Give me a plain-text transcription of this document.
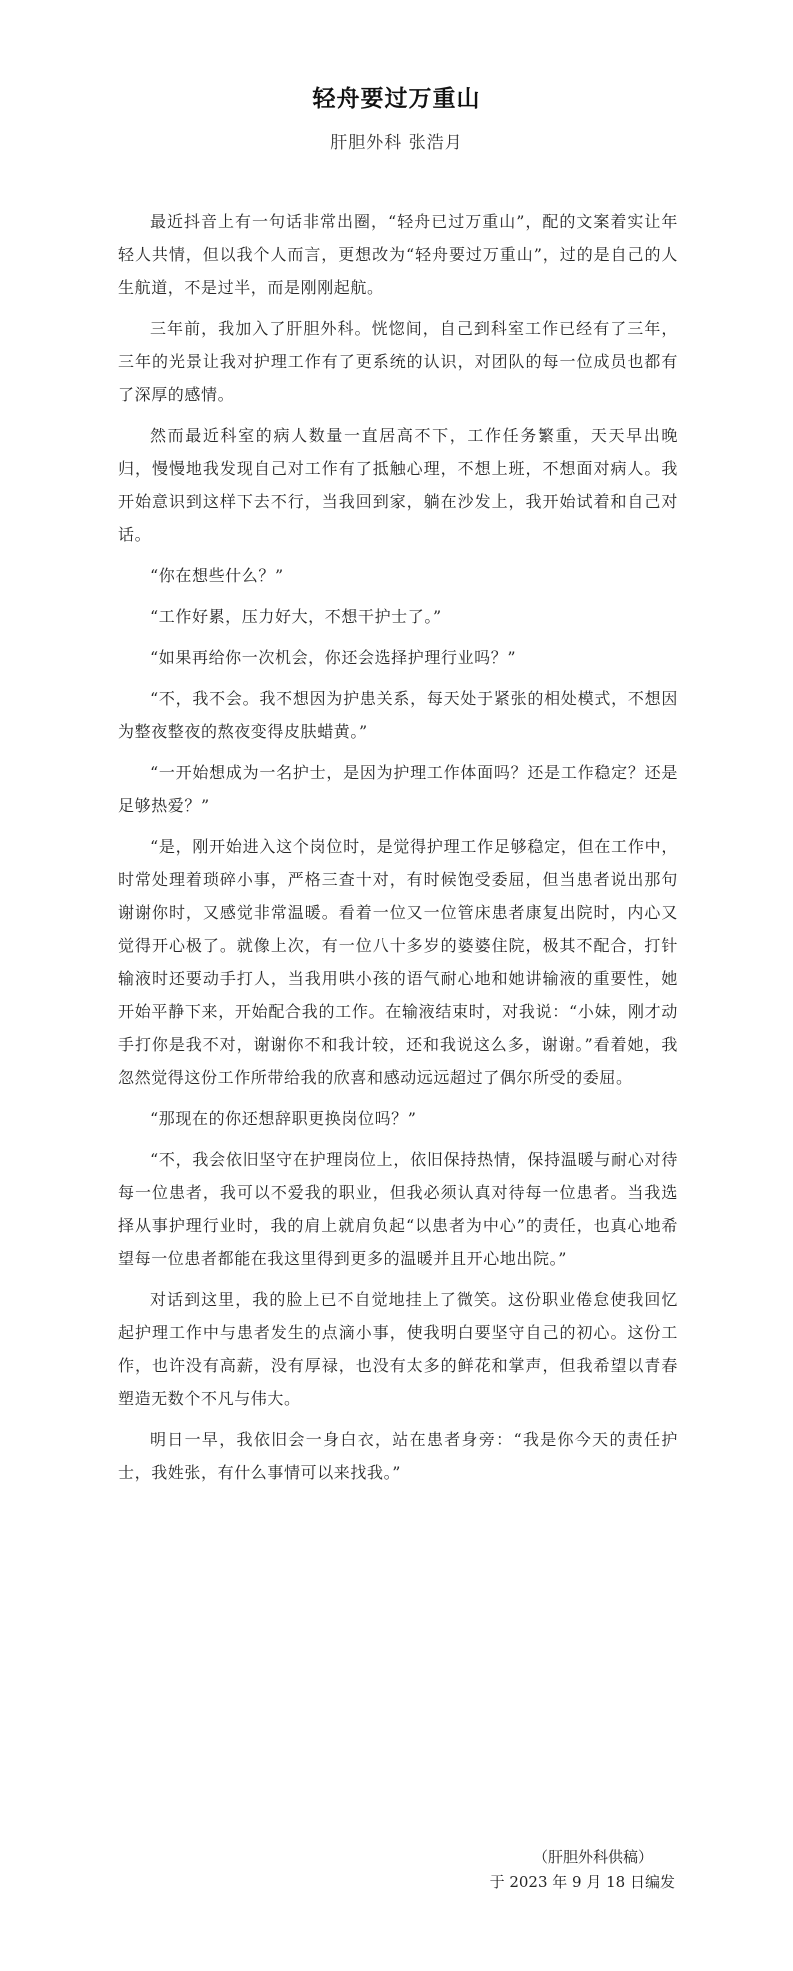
轻舟要过万重山
肝胆外科 张浩月

最近抖音上有一句话非常出圈，“轻舟已过万重山”，配的文案着实让年轻人共情，但以我个人而言，更想改为“轻舟要过万重山”，过的是自己的人生航道，不是过半，而是刚刚起航。

三年前，我加入了肝胆外科。恍惚间，自己到科室工作已经有了三年，三年的光景让我对护理工作有了更系统的认识，对团队的每一位成员也都有了深厚的感情。

然而最近科室的病人数量一直居高不下，工作任务繁重，天天早出晚归，慢慢地我发现自己对工作有了抵触心理，不想上班，不想面对病人。我开始意识到这样下去不行，当我回到家，躺在沙发上，我开始试着和自己对话。

“你在想些什么？”

“工作好累，压力好大，不想干护士了。”

“如果再给你一次机会，你还会选择护理行业吗？”

“不，我不会。我不想因为护患关系，每天处于紧张的相处模式，不想因为整夜整夜的熬夜变得皮肤蜡黄。”

“一开始想成为一名护士，是因为护理工作体面吗？还是工作稳定？还是足够热爱？”

“是，刚开始进入这个岗位时，是觉得护理工作足够稳定，但在工作中，时常处理着琐碎小事，严格三查十对，有时候饱受委屈，但当患者说出那句谢谢你时，又感觉非常温暖。看着一位又一位管床患者康复出院时，内心又觉得开心极了。就像上次，有一位八十多岁的婆婆住院，极其不配合，打针输液时还要动手打人，当我用哄小孩的语气耐心地和她讲输液的重要性，她开始平静下来，开始配合我的工作。在输液结束时，对我说：“小妹，刚才动手打你是我不对，谢谢你不和我计较，还和我说这么多，谢谢。”看着她，我忽然觉得这份工作所带给我的欣喜和感动远远超过了偶尔所受的委屈。

“那现在的你还想辞职更换岗位吗？”

“不，我会依旧坚守在护理岗位上，依旧保持热情，保持温暖与耐心对待每一位患者，我可以不爱我的职业，但我必须认真对待每一位患者。当我选择从事护理行业时，我的肩上就肩负起“以患者为中心”的责任，也真心地希望每一位患者都能在我这里得到更多的温暖并且开心地出院。”

对话到这里，我的脸上已不自觉地挂上了微笑。这份职业倦怠使我回忆起护理工作中与患者发生的点滴小事，使我明白要坚守自己的初心。这份工作，也许没有高薪，没有厚禄，也没有太多的鲜花和掌声，但我希望以青春塑造无数个不凡与伟大。

明日一早，我依旧会一身白衣，站在患者身旁：“我是你今天的责任护士，我姓张，有什么事情可以来找我。”

（肝胆外科供稿）
于 2023 年 9 月 18 日编发
